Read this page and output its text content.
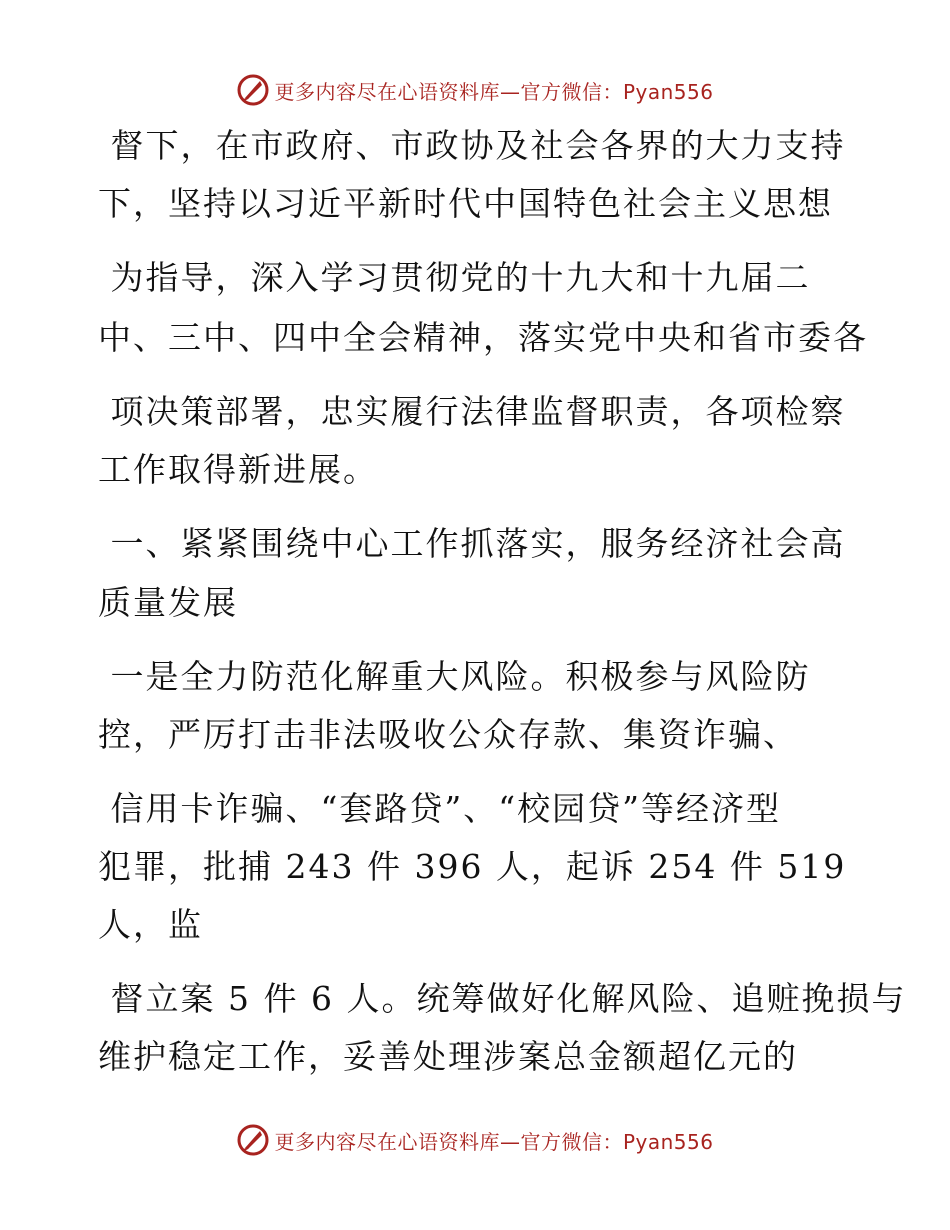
更多内容尽在心语资料库—官方微信：Pyan556
督下，在市政府、市政协及社会各界的大力支持
下，坚持以习近平新时代中国特色社会主义思想
为指导，深入学习贯彻党的十九大和十九届二
中、三中、四中全会精神，落实党中央和省市委各
项决策部署，忠实履行法律监督职责，各项检察
工作取得新进展。
一、紧紧围绕中心工作抓落实，服务经济社会高
质量发展
一是全力防范化解重大风险。积极参与风险防
控，严厉打击非法吸收公众存款、集资诈骗、
信用卡诈骗、“套路贷”、“校园贷”等经济型
犯罪，批捕 243 件 396 人，起诉 254 件 519
人，监
督立案 5 件 6 人。统筹做好化解风险、追赃挽损与
维护稳定工作，妥善处理涉案总金额超亿元的
更多内容尽在心语资料库—官方微信：Pyan556
